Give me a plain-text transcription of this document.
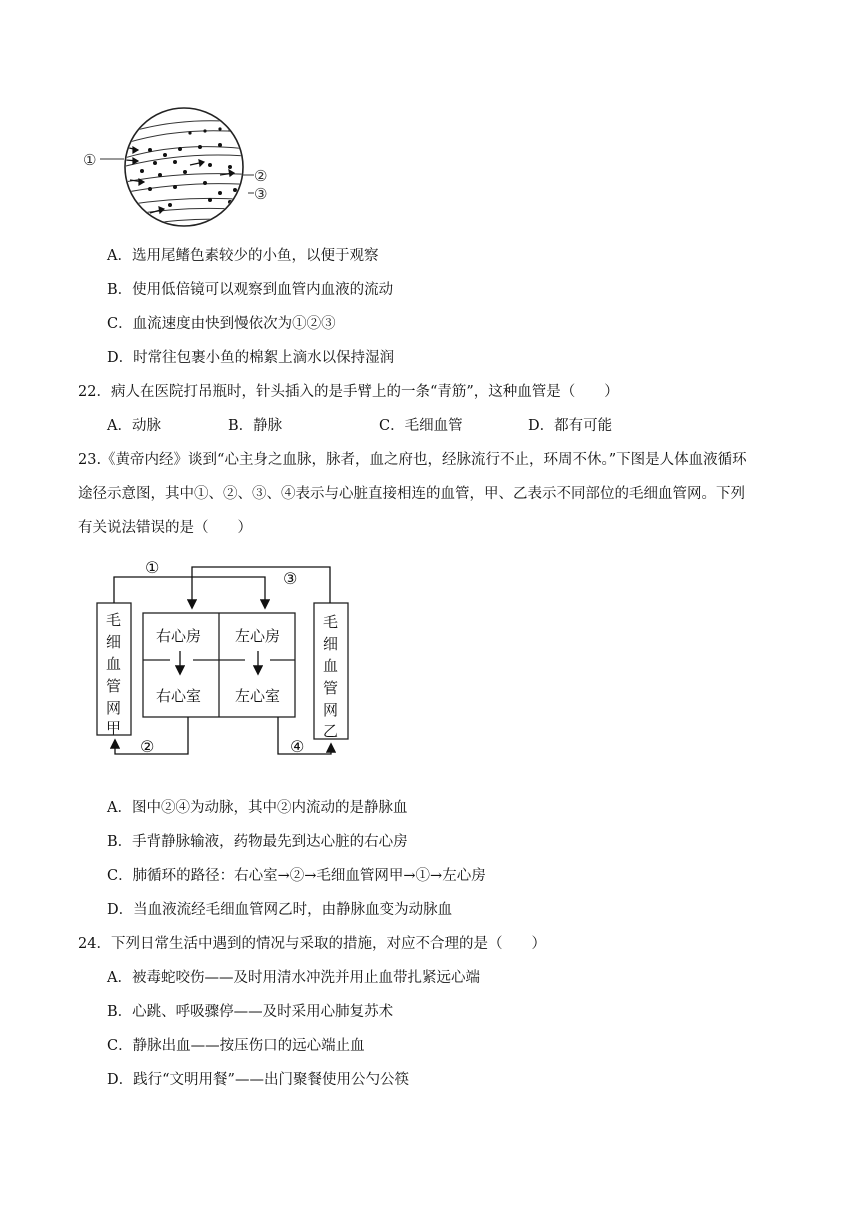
①
②
③
A．选用尾鳍色素较少的小鱼，以便于观察
B．使用低倍镜可以观察到血管内血液的流动
C．血流速度由快到慢依次为①②③
D．时常往包裹小鱼的棉絮上滴水以保持湿润
22．病人在医院打吊瓶时，针头插入的是手臂上的一条“青筋”，这种血管是（　　）
A．动脉	B．静脉	C．毛细血管	D．都有可能
23.《黄帝内经》谈到“心主身之血脉，脉者，血之府也，经脉流行不止，环周不休。”下图是人体血液循环
途径示意图，其中①、②、③、④表示与心脏直接相连的血管，甲、乙表示不同部位的毛细血管网。下列
有关说法错误的是（　　）
①
③
②	④
右心房 左心房
右心室 左心室
毛
细
血
管
网
甲
毛
细
血
管
网
乙
A．图中②④为动脉，其中②内流动的是静脉血
B．手背静脉输液，药物最先到达心脏的右心房
C．肺循环的路径：右心室→②→毛细血管网甲→①→左心房
D．当血液流经毛细血管网乙时，由静脉血变为动脉血
24．下列日常生活中遇到的情况与采取的措施，对应不合理的是（　　）
A．被毒蛇咬伤——及时用清水冲洗并用止血带扎紧远心端
B．心跳、呼吸骤停——及时采用心肺复苏术
C．静脉出血——按压伤口的远心端止血
D．践行“文明用餐”——出门聚餐使用公勺公筷
